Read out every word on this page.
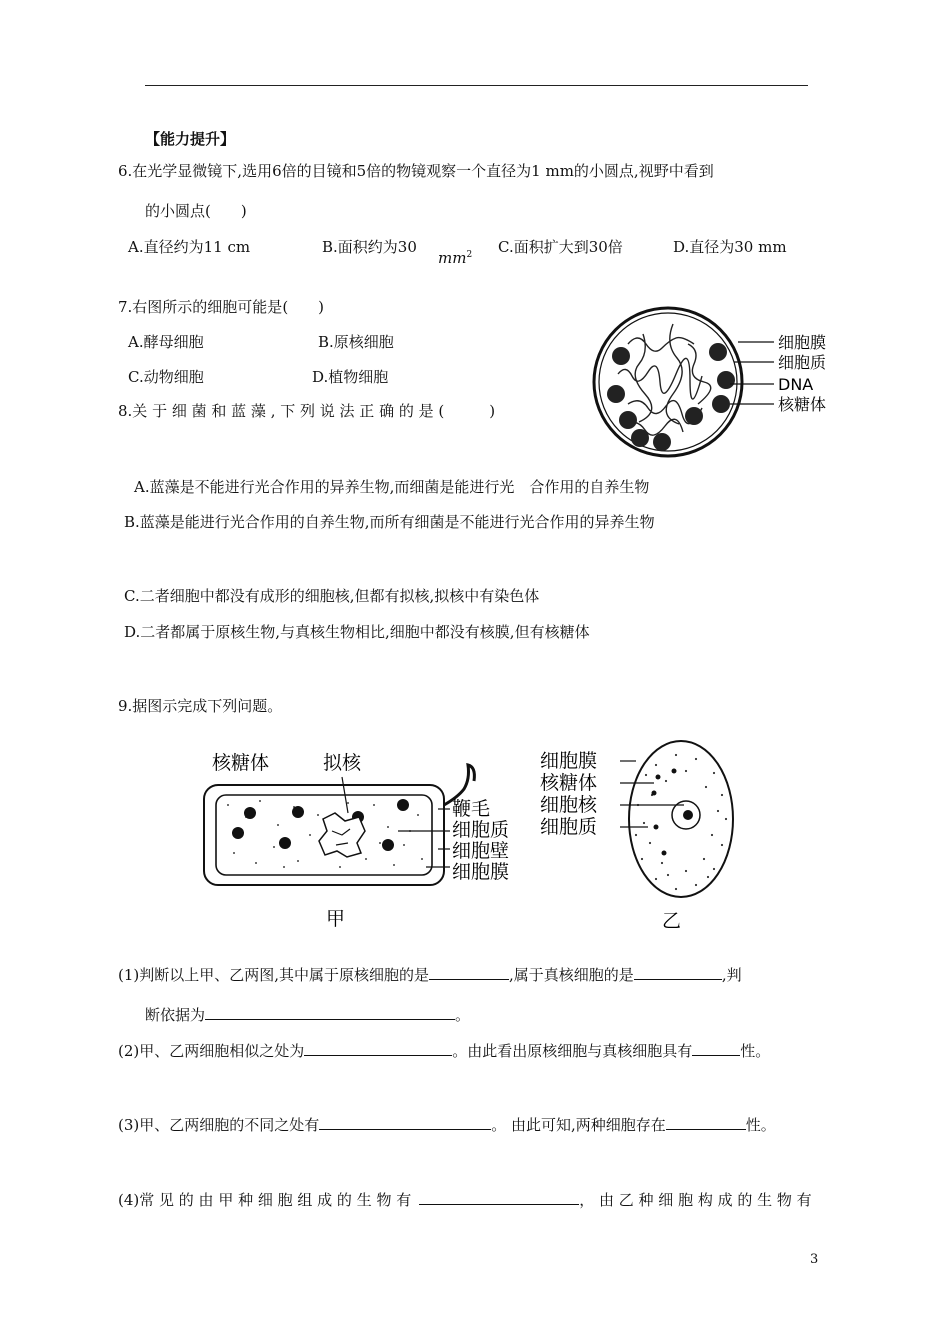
【能力提升】
6.在光学显微镜下,选用6倍的目镜和5倍的物镜观察一个直径为1 mm的小圆点,视野中看到
的小圆点(　　)
A.直径约为11 cm	B.面积约为30
$mm^2$ C.面积扩大到30倍	D.直径为30 mm
7.右图所示的细胞可能是(　　)
A.酵母细胞	B.原核细胞
C.动物细胞	D.植物细胞
细胞膜
细胞质
DNA
核糖体
8.关 于 细 菌 和 蓝 藻 , 下 列 说 法 正 确 的 是 (　　　)
A.蓝藻是不能进行光合作用的异养生物,而细菌是能进行光　合作用的自养生物
B.蓝藻是能进行光合作用的自养生物,而所有细菌是不能进行光合作用的异养生物
C.二者细胞中都没有成形的细胞核,但都有拟核,拟核中有染色体
D.二者都属于原核生物,与真核生物相比,细胞中都没有核膜,但有核糖体
9.据图示完成下列问题。
核糖体	拟核
鞭毛
细胞质
细胞壁
细胞膜
甲
细胞膜
核糖体
细胞核
细胞质
乙
(1)判断以上甲、乙两图,其中属于原核细胞的是	,属于真核细胞的是	,判
断依据为	。
(2)甲、乙两细胞相似之处为	。由此看出原核细胞与真核细胞具有	性。
(3)甲、乙两细胞的不同之处有	。 由此可知,两种细胞存在	性。
(4)常 见 的 由 甲 种 细 胞 组 成 的 生 物 有	， 由 乙 种 细 胞 构 成 的 生 物 有
3
